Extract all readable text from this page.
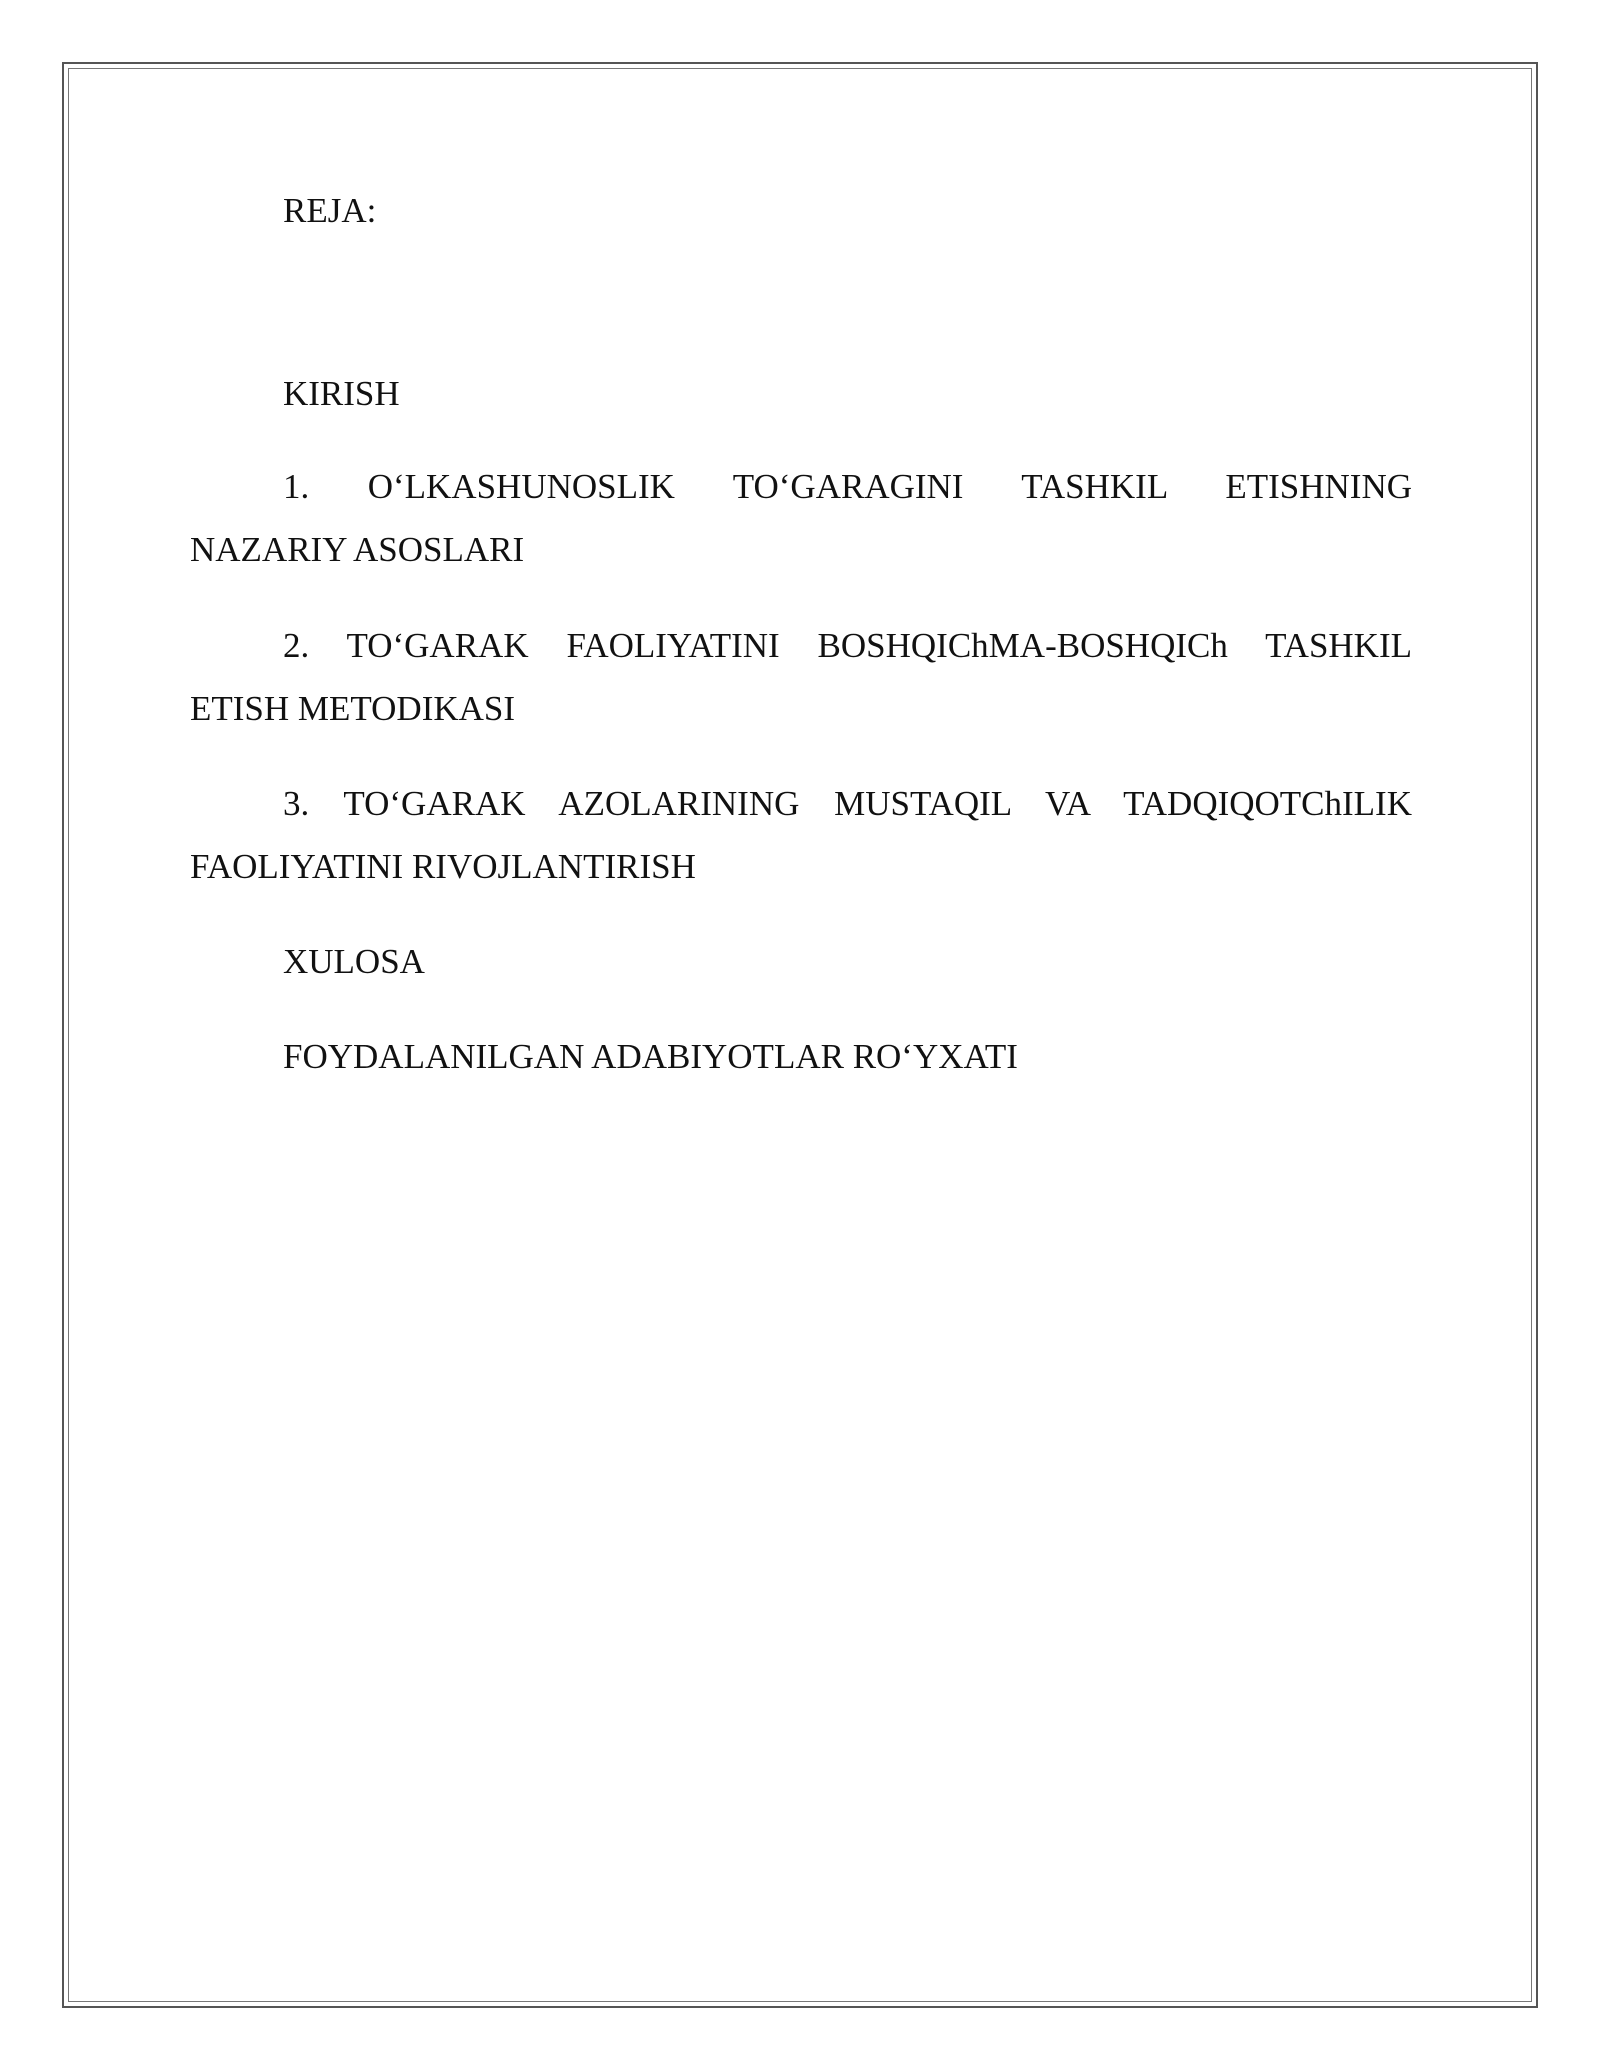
REJA:

KIRISH

1. O‘LKASHUNOSLIK TO‘GARAGINI TASHKIL ETISHNING
NAZARIY ASOSLARI
2. TO‘GARAK FAOLIYATINI BOSHQIChMA-BOSHQICh TASHKIL
ETISH METODIKASI
3. TO‘GARAK AZOLARINING MUSTAQIL VA TADQIQOTChILIK
FAOLIYATINI RIVOJLANTIRISH

XULOSA

FOYDALANILGAN ADABIYOTLAR RO‘YXATI
